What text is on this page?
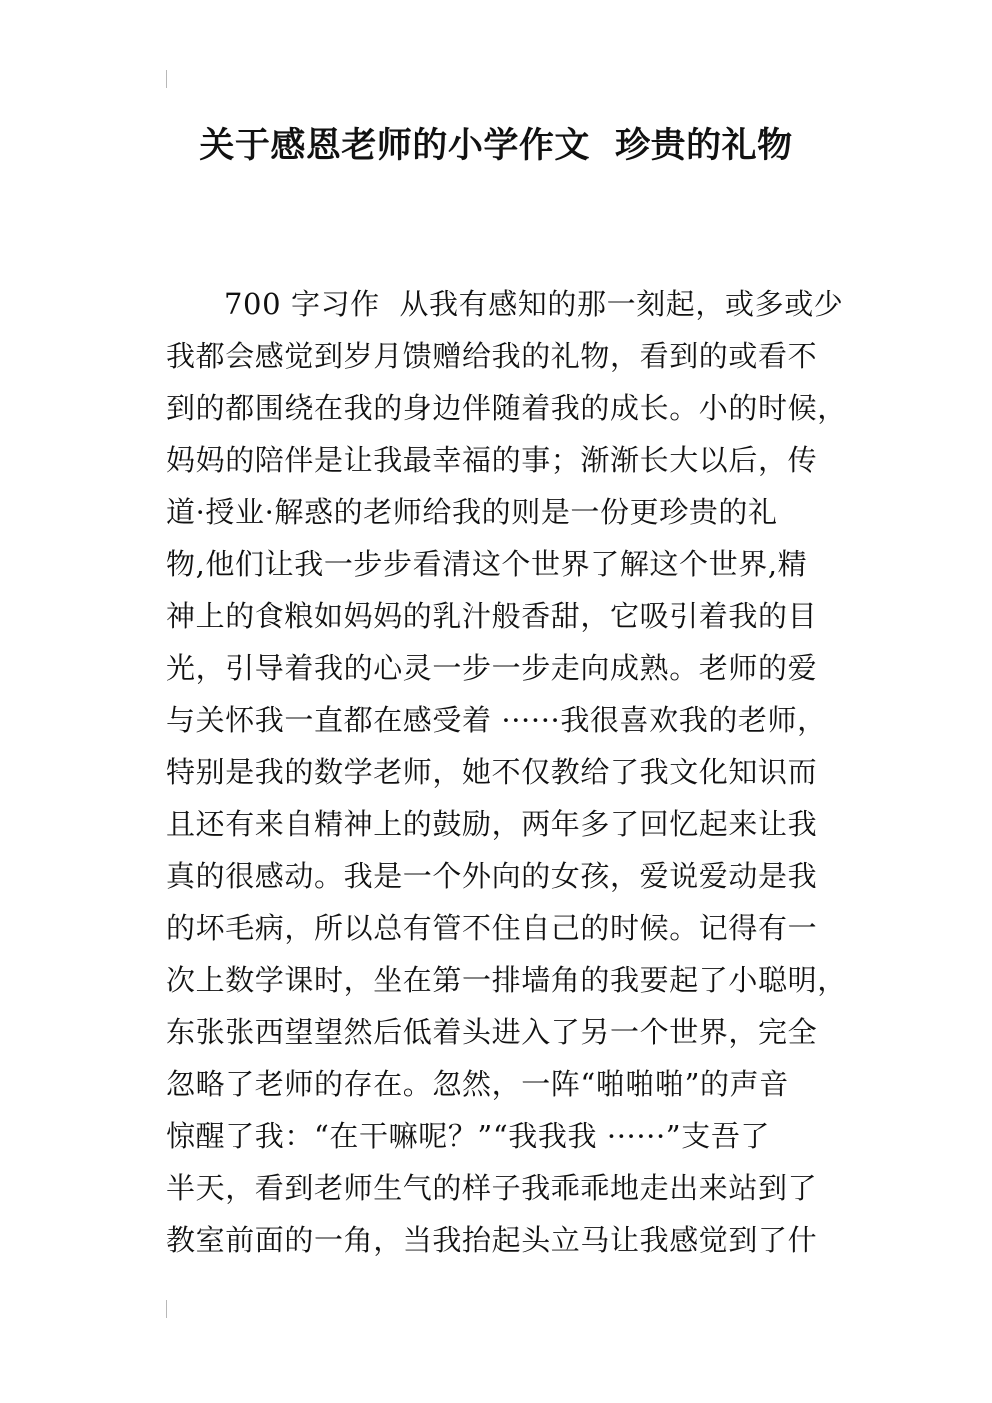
关于感恩老师的小学作文  珍贵的礼物
700 字习作  从我有感知的那一刻起，或多或少
我都会感觉到岁月馈赠给我的礼物，看到的或看不
到的都围绕在我的身边伴随着我的成长。小的时候，
妈妈的陪伴是让我最幸福的事；渐渐长大以后，传
道·授业·解惑的老师给我的则是一份更珍贵的礼
物,他们让我一步步看清这个世界了解这个世界,精
神上的食粮如妈妈的乳汁般香甜，它吸引着我的目
光，引导着我的心灵一步一步走向成熟。老师的爱
与关怀我一直都在感受着 ······我很喜欢我的老师，
特别是我的数学老师，她不仅教给了我文化知识而
且还有来自精神上的鼓励，两年多了回忆起来让我
真的很感动。我是一个外向的女孩，爱说爱动是我
的坏毛病，所以总有管不住自己的时候。记得有一
次上数学课时，坐在第一排墙角的我要起了小聪明，
东张张西望望然后低着头进入了另一个世界，完全
忽略了老师的存在。忽然，一阵“啪啪啪”的声音
惊醒了我：“在干嘛呢？”“我我我 ······”支吾了
半天，看到老师生气的样子我乖乖地走出来站到了
教室前面的一角，当我抬起头立马让我感觉到了什
